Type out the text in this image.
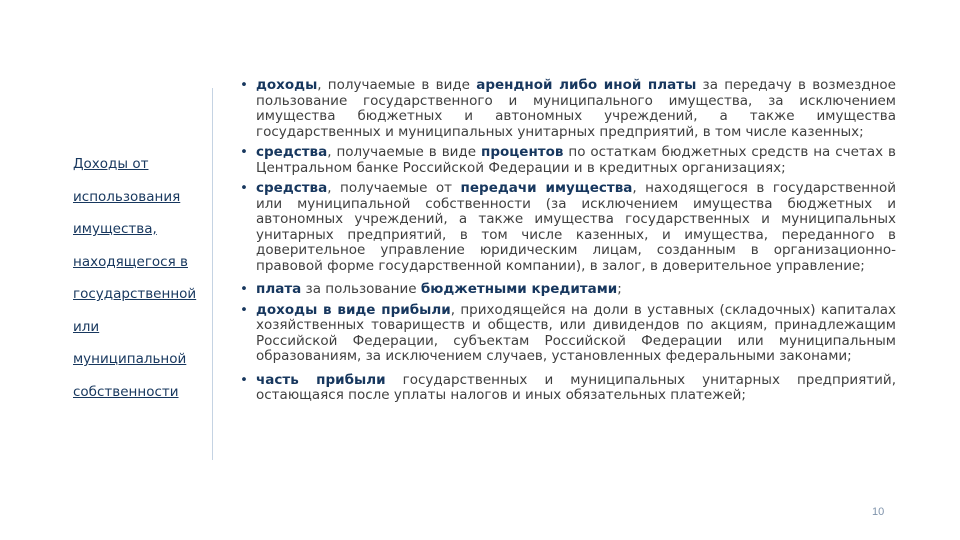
Доходы от
использования
имущества,
находящегося в
государственной
или
муниципальной
собственности
• доходы, получаемые в виде арендной либо иной платы за передачу в возмездное пользование государственного и муниципального имущества, за исключением имущества бюджетных и автономных учреждений, а также имущества государственных и муниципальных унитарных предприятий, в том числе казенных;
• средства, получаемые в виде процентов по остаткам бюджетных средств на счетах в Центральном банке Российской Федерации и в кредитных организациях;
• средства, получаемые от передачи имущества, находящегося в государственной или муниципальной собственности (за исключением имущества бюджетных и автономных учреждений, а также имущества государственных и муниципальных унитарных предприятий, в том числе казенных, и имущества, переданного в доверительное управление юридическим лицам, созданным в организационно-правовой форме государственной компании), в залог, в доверительное управление;
• плата за пользование бюджетными кредитами;
• доходы в виде прибыли, приходящейся на доли в уставных (складочных) капиталах хозяйственных товариществ и обществ, или дивидендов по акциям, принадлежащим Российской Федерации, субъектам Российской Федерации или муниципальным образованиям, за исключением случаев, установленных федеральными законами;
• часть прибыли государственных и муниципальных унитарных предприятий, остающаяся после уплаты налогов и иных обязательных платежей;
10
